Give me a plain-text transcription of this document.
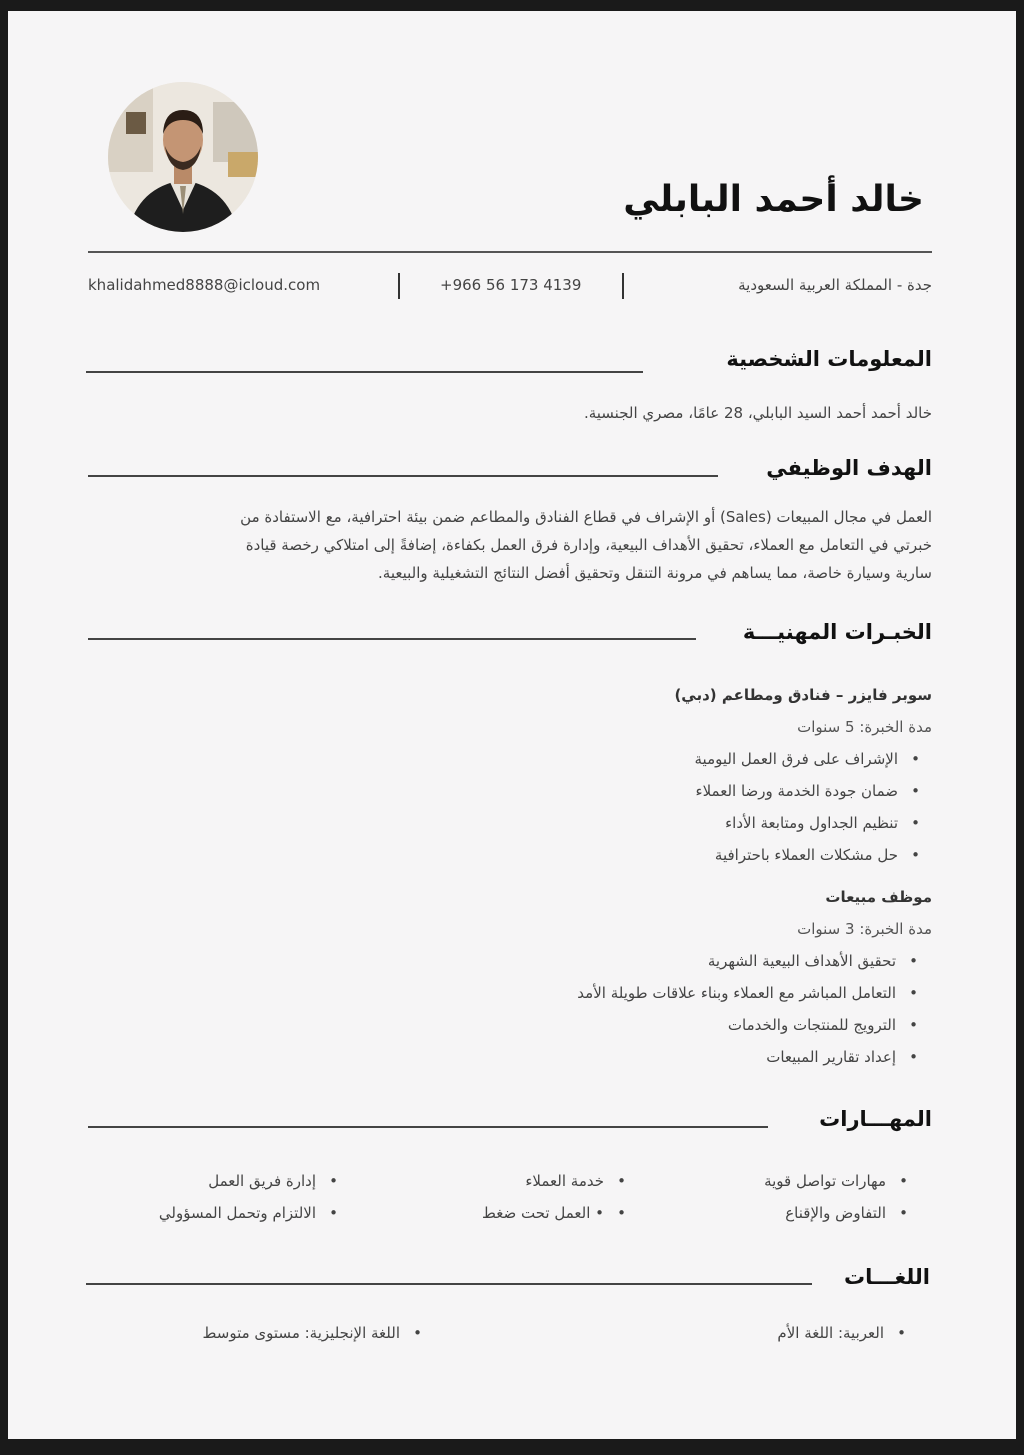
خالد أحمد البابلي
جدة - المملكة العربية السعودية
+966 56 173 4139
khalidahmed8888@icloud.com
المعلومات الشخصية
خالد أحمد أحمد السيد البابلي، 28 عامًا، مصري الجنسية.
الهدف الوظيفي
العمل في مجال المبيعات (Sales) أو الإشراف في قطاع الفنادق والمطاعم ضمن بيئة احترافية، مع الاستفادة من
خبرتي في التعامل مع العملاء، تحقيق الأهداف البيعية، وإدارة فرق العمل بكفاءة، إضافةً إلى امتلاكي رخصة قيادة
سارية وسيارة خاصة، مما يساهم في مرونة التنقل وتحقيق أفضل النتائج التشغيلية والبيعية.
الخبـرات المهنيـــة
سوبر فايزر – فنادق ومطاعم (دبي)
مدة الخبرة: 5 سنوات
• الإشراف على فرق العمل اليومية
• ضمان جودة الخدمة ورضا العملاء
• تنظيم الجداول ومتابعة الأداء
• حل مشكلات العملاء باحترافية
موظف مبيعات
مدة الخبرة: 3 سنوات
• تحقيق الأهداف البيعية الشهرية
• التعامل المباشر مع العملاء وبناء علاقات طويلة الأمد
• الترويج للمنتجات والخدمات
• إعداد تقارير المبيعات
المهـــارات
• مهارات تواصل قوية
• التفاوض والإقناع
• خدمة العملاء
• • العمل تحت ضغط
• إدارة فريق العمل
• الالتزام وتحمل المسؤولي
اللغـــات
• العربية: اللغة الأم
• اللغة الإنجليزية: مستوى متوسط
